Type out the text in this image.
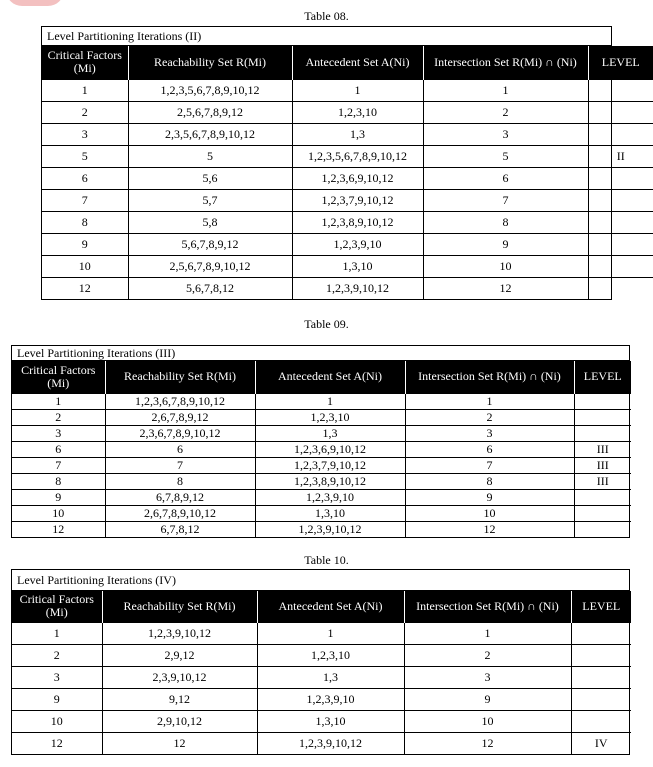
Table 08.
Level Partitioning Iterations (II)
Critical Factors (Mi)	Reachability Set R(Mi)	Antecedent Set A(Ni)	Intersection Set R(Mi) ∩ (Ni)	LEVEL
1	1,2,3,5,6,7,8,9,10,12	1	1	
2	2,5,6,7,8,9,12	1,2,3,10	2	
3	2,3,5,6,7,8,9,10,12	1,3	3	
5	5	1,2,3,5,6,7,8,9,10,12	5	II
6	5,6	1,2,3,6,9,10,12	6	
7	5,7	1,2,3,7,9,10,12	7	
8	5,8	1,2,3,8,9,10,12	8	
9	5,6,7,8,9,12	1,2,3,9,10	9	
10	2,5,6,7,8,9,10,12	1,3,10	10	
12	5,6,7,8,12	1,2,3,9,10,12	12	
Table 09.
Level Partitioning Iterations (III)
Critical Factors (Mi)	Reachability Set R(Mi)	Antecedent Set A(Ni)	Intersection Set R(Mi) ∩ (Ni)	LEVEL
1	1,2,3,6,7,8,9,10,12	1	1	
2	2,6,7,8,9,12	1,2,3,10	2	
3	2,3,6,7,8,9,10,12	1,3	3	
6	6	1,2,3,6,9,10,12	6	III
7	7	1,2,3,7,9,10,12	7	III
8	8	1,2,3,8,9,10,12	8	III
9	6,7,8,9,12	1,2,3,9,10	9	
10	2,6,7,8,9,10,12	1,3,10	10	
12	6,7,8,12	1,2,3,9,10,12	12	
Table 10.
Level Partitioning Iterations (IV)
Critical Factors (Mi)	Reachability Set R(Mi)	Antecedent Set A(Ni)	Intersection Set R(Mi) ∩ (Ni)	LEVEL
1	1,2,3,9,10,12	1	1	
2	2,9,12	1,2,3,10	2	
3	2,3,9,10,12	1,3	3	
9	9,12	1,2,3,9,10	9	
10	2,9,10,12	1,3,10	10	
12	12	1,2,3,9,10,12	12	IV
